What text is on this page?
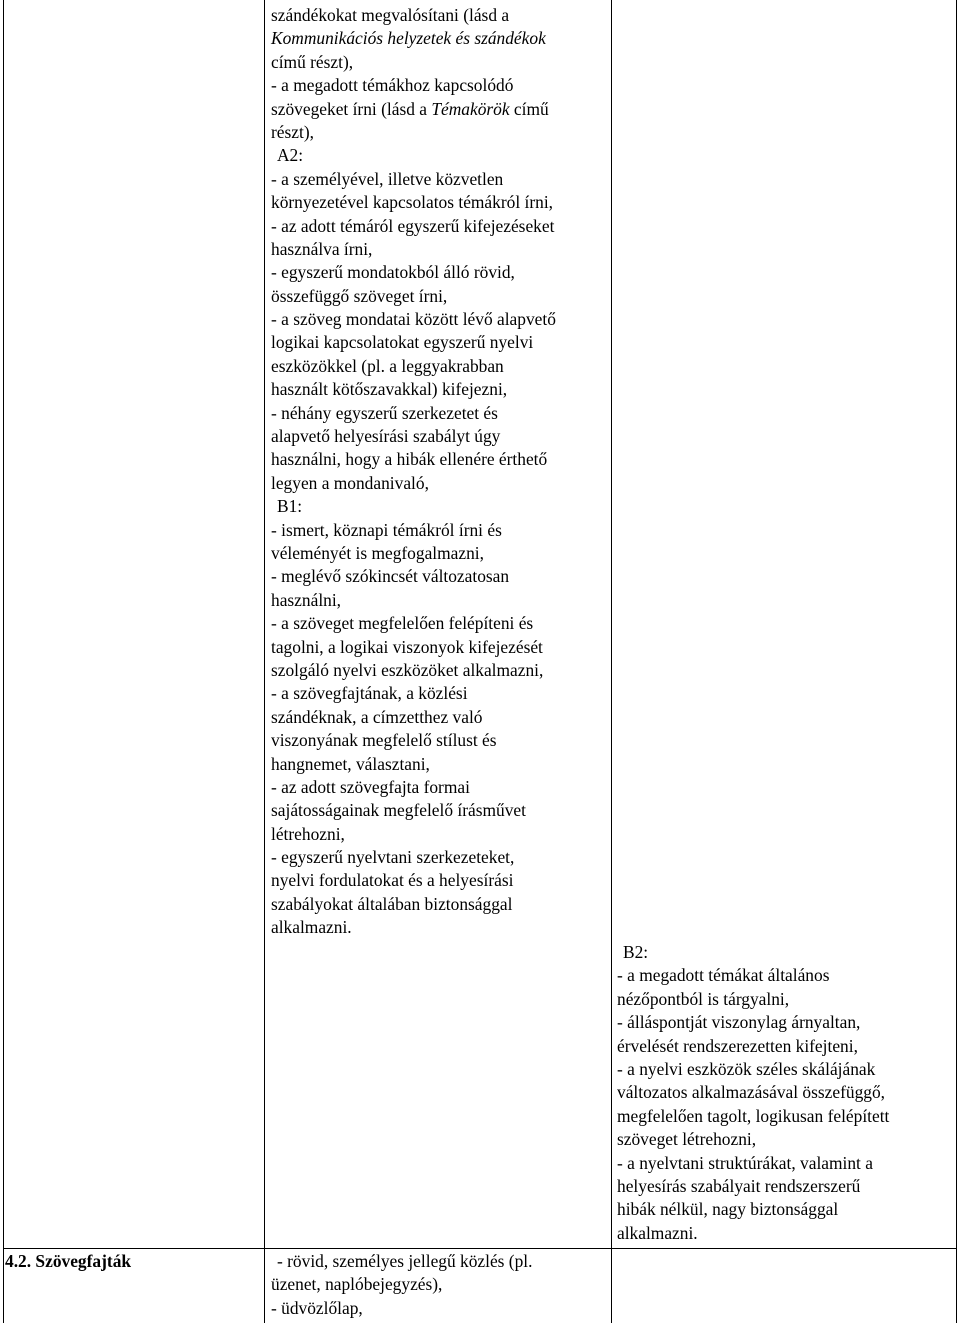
szándékokat megvalósítani (lásd a
Kommunikációs helyzetek és szándékok
című részt),
- a megadott témákhoz kapcsolódó
szövegeket írni (lásd a Témakörök című
részt),
A2:
- a személyével, illetve közvetlen
környezetével kapcsolatos témákról írni,
- az adott témáról egyszerű kifejezéseket
használva írni,
- egyszerű mondatokból álló rövid,
összefüggő szöveget írni,
- a szöveg mondatai között lévő alapvető
logikai kapcsolatokat egyszerű nyelvi
eszközökkel (pl. a leggyakrabban
használt kötőszavakkal) kifejezni,
- néhány egyszerű szerkezetet és
alapvető helyesírási szabályt úgy
használni, hogy a hibák ellenére érthető
legyen a mondanivaló,
B1:
- ismert, köznapi témákról írni és
véleményét is megfogalmazni,
- meglévő szókincsét változatosan
használni,
- a szöveget megfelelően felépíteni és
tagolni, a logikai viszonyok kifejezését
szolgáló nyelvi eszközöket alkalmazni,
- a szövegfajtának, a közlési
szándéknak, a címzetthez való
viszonyának megfelelő stílust és
hangnemet, választani,
- az adott szövegfajta formai
sajátosságainak megfelelő írásművet
létrehozni,
- egyszerű nyelvtani szerkezeteket,
nyelvi fordulatokat és a helyesírási
szabályokat általában biztonsággal
alkalmazni.
B2:
- a megadott témákat általános
nézőpontból is tárgyalni,
- álláspontját viszonylag árnyaltan,
érvelését rendszerezetten kifejteni,
- a nyelvi eszközök széles skálájának
változatos alkalmazásával összefüggő,
megfelelően tagolt, logikusan felépített
szöveget létrehozni,
- a nyelvtani struktúrákat, valamint a
helyesírás szabályait rendszerszerű
hibák nélkül, nagy biztonsággal
alkalmazni.
4.2. Szövegfajták	- rövid, személyes jellegű közlés (pl.
üzenet, naplóbejegyzés),
- üdvözlőlap,
